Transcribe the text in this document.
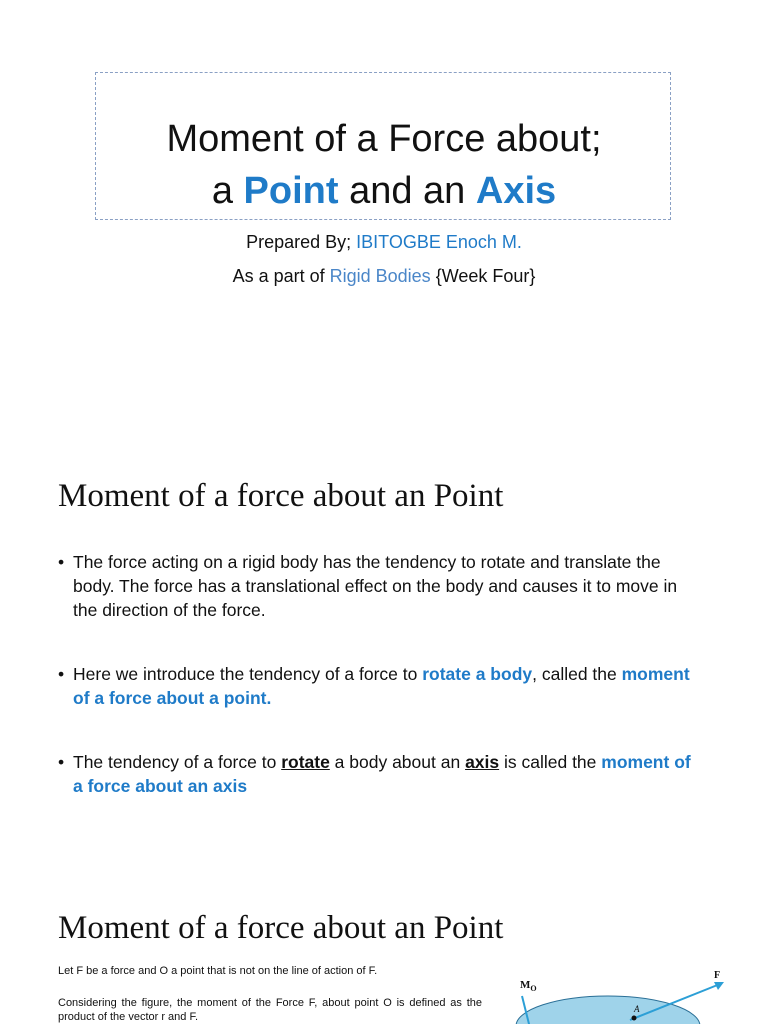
Moment of a Force about;
a Point and an Axis
Prepared By; IBITOGBE Enoch M.
As a part of Rigid Bodies {Week Four}
Moment of a force about an Point
• The force acting on a rigid body has the tendency to rotate and translate the body. The force has a translational effect on the body and causes it to move in the direction of the force.
• Here we introduce the tendency of a force to rotate a body, called the moment of a force about a point.
• The tendency of a force to rotate a body about an axis is called the moment of a force about an axis
Moment of a force about an Point
Let F be a force and O a point that is not on the line of action of F.
Considering the figure, the moment of the Force F, about point O is defined as the product of the vector r and F.
$M_O$
F
A
